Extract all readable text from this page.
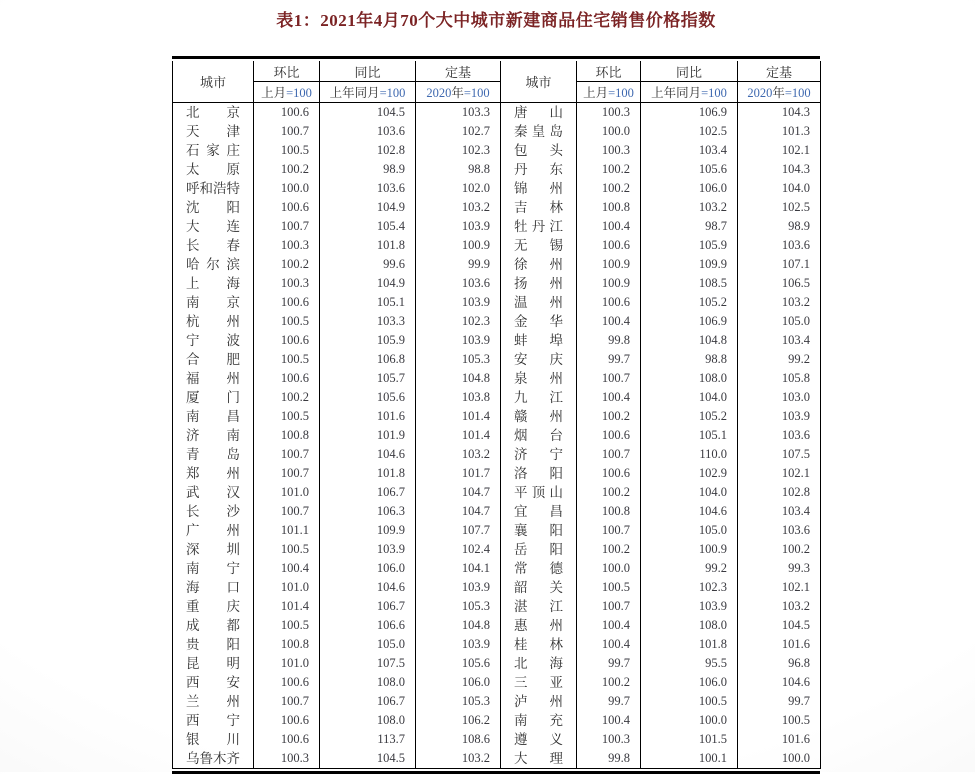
表1：2021年4月70个大中城市新建商品住宅销售价格指数
城市	环比	同比	定基	城市	环比	同比	定基
	上月=100	上年同月=100	2020年=100		上月=100	上年同月=100	2020年=100

北京	100.6	104.5	103.3	唐山	100.3	106.9	104.3

天津	100.7	103.6	102.7	秦皇岛	100.0	102.5	101.3

石家庄	100.5	102.8	102.3	包头	100.3	103.4	102.1

太原	100.2	98.9	98.8	丹东	100.2	105.6	104.3

呼和浩特	100.0	103.6	102.0	锦州	100.2	106.0	104.0

沈阳	100.6	104.9	103.2	吉林	100.8	103.2	102.5

大连	100.7	105.4	103.9	牡丹江	100.4	98.7	98.9

长春	100.3	101.8	100.9	无锡	100.6	105.9	103.6

哈尔滨	100.2	99.6	99.9	徐州	100.9	109.9	107.1

上海	100.3	104.9	103.6	扬州	100.9	108.5	106.5

南京	100.6	105.1	103.9	温州	100.6	105.2	103.2

杭州	100.5	103.3	102.3	金华	100.4	106.9	105.0

宁波	100.6	105.9	103.9	蚌埠	99.8	104.8	103.4

合肥	100.5	106.8	105.3	安庆	99.7	98.8	99.2

福州	100.6	105.7	104.8	泉州	100.7	108.0	105.8

厦门	100.2	105.6	103.8	九江	100.4	104.0	103.0

南昌	100.5	101.6	101.4	赣州	100.2	105.2	103.9

济南	100.8	101.9	101.4	烟台	100.6	105.1	103.6

青岛	100.7	104.6	103.2	济宁	100.7	110.0	107.5

郑州	100.7	101.8	101.7	洛阳	100.6	102.9	102.1

武汉	101.0	106.7	104.7	平顶山	100.2	104.0	102.8

长沙	100.7	106.3	104.7	宜昌	100.8	104.6	103.4

广州	101.1	109.9	107.7	襄阳	100.7	105.0	103.6

深圳	100.5	103.9	102.4	岳阳	100.2	100.9	100.2

南宁	100.4	106.0	104.1	常德	100.0	99.2	99.3

海口	101.0	104.6	103.9	韶关	100.5	102.3	102.1

重庆	101.4	106.7	105.3	湛江	100.7	103.9	103.2

成都	100.5	106.6	104.8	惠州	100.4	108.0	104.5

贵阳	100.8	105.0	103.9	桂林	100.4	101.8	101.6

昆明	101.0	107.5	105.6	北海	99.7	95.5	96.8

西安	100.6	108.0	106.0	三亚	100.2	106.0	104.6

兰州	100.7	106.7	105.3	泸州	99.7	100.5	99.7

西宁	100.6	108.0	106.2	南充	100.4	100.0	100.5

银川	100.6	113.7	108.6	遵义	100.3	101.5	101.6

乌鲁木齐	100.3	104.5	103.2	大理	99.8	100.1	100.0
